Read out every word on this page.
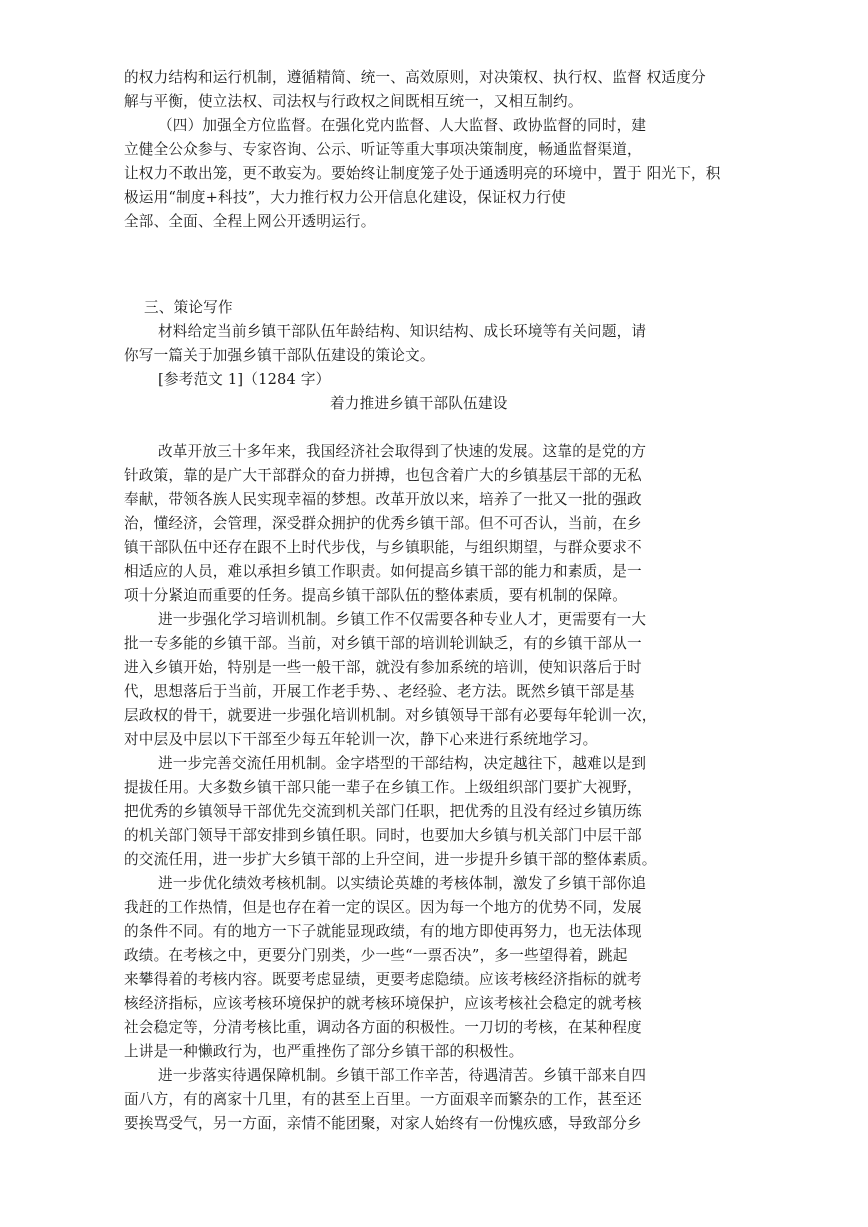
的权力结构和运行机制，遵循精简、统一、高效原则，对决策权、执行权、监督 权适度分
解与平衡，使立法权、司法权与行政权之间既相互统一，又相互制约。
（四）加强全方位监督。在强化党内监督、人大监督、政协监督的同时，建
立健全公众参与、专家咨询、公示、听证等重大事项决策制度，畅通监督渠道，
让权力不敢出笼，更不敢妄为。要始终让制度笼子处于通透明亮的环境中，置于 阳光下，积
极运用“制度+科技”，大力推行权力公开信息化建设，保证权力行使
全部、全面、全程上网公开透明运行。
三、策论写作
材料给定当前乡镇干部队伍年龄结构、知识结构、成长环境等有关问题，请
你写一篇关于加强乡镇干部队伍建设的策论文。
[参考范文 1]（1284 字）
着力推进乡镇干部队伍建设
改革开放三十多年来，我国经济社会取得到了快速的发展。这靠的是党的方
针政策，靠的是广大干部群众的奋力拼搏，也包含着广大的乡镇基层干部的无私
奉献，带领各族人民实现幸福的梦想。改革开放以来，培养了一批又一批的强政
治，懂经济，会管理，深受群众拥护的优秀乡镇干部。但不可否认，当前，在乡
镇干部队伍中还存在跟不上时代步伐，与乡镇职能，与组织期望，与群众要求不
相适应的人员，难以承担乡镇工作职责。如何提高乡镇干部的能力和素质，是一
项十分紧迫而重要的任务。提高乡镇干部队伍的整体素质，要有机制的保障。
进一步强化学习培训机制。乡镇工作不仅需要各种专业人才，更需要有一大
批一专多能的乡镇干部。当前，对乡镇干部的培训轮训缺乏，有的乡镇干部从一
进入乡镇开始，特别是一些一般干部，就没有参加系统的培训，使知识落后于时
代，思想落后于当前，开展工作老手势、、老经验、老方法。既然乡镇干部是基
层政权的骨干，就要进一步强化培训机制。对乡镇领导干部有必要每年轮训一次，
对中层及中层以下干部至少每五年轮训一次，静下心来进行系统地学习。
进一步完善交流任用机制。金字塔型的干部结构，决定越往下，越难以是到
提拔任用。大多数乡镇干部只能一辈子在乡镇工作。上级组织部门要扩大视野，
把优秀的乡镇领导干部优先交流到机关部门任职，把优秀的且没有经过乡镇历练
的机关部门领导干部安排到乡镇任职。同时，也要加大乡镇与机关部门中层干部
的交流任用，进一步扩大乡镇干部的上升空间，进一步提升乡镇干部的整体素质。
进一步优化绩效考核机制。以实绩论英雄的考核体制，激发了乡镇干部你追
我赶的工作热情，但是也存在着一定的误区。因为每一个地方的优势不同，发展
的条件不同。有的地方一下子就能显现政绩，有的地方即使再努力，也无法体现
政绩。在考核之中，更要分门别类，少一些“一票否决”，多一些望得着，跳起
来攀得着的考核内容。既要考虑显绩，更要考虑隐绩。应该考核经济指标的就考
核经济指标，应该考核环境保护的就考核环境保护，应该考核社会稳定的就考核
社会稳定等，分清考核比重，调动各方面的积极性。一刀切的考核，在某种程度
上讲是一种懒政行为，也严重挫伤了部分乡镇干部的积极性。
进一步落实待遇保障机制。乡镇干部工作辛苦，待遇清苦。乡镇干部来自四
面八方，有的离家十几里，有的甚至上百里。一方面艰辛而繁杂的工作，甚至还
要挨骂受气，另一方面，亲情不能团聚，对家人始终有一份愧疚感，导致部分乡
